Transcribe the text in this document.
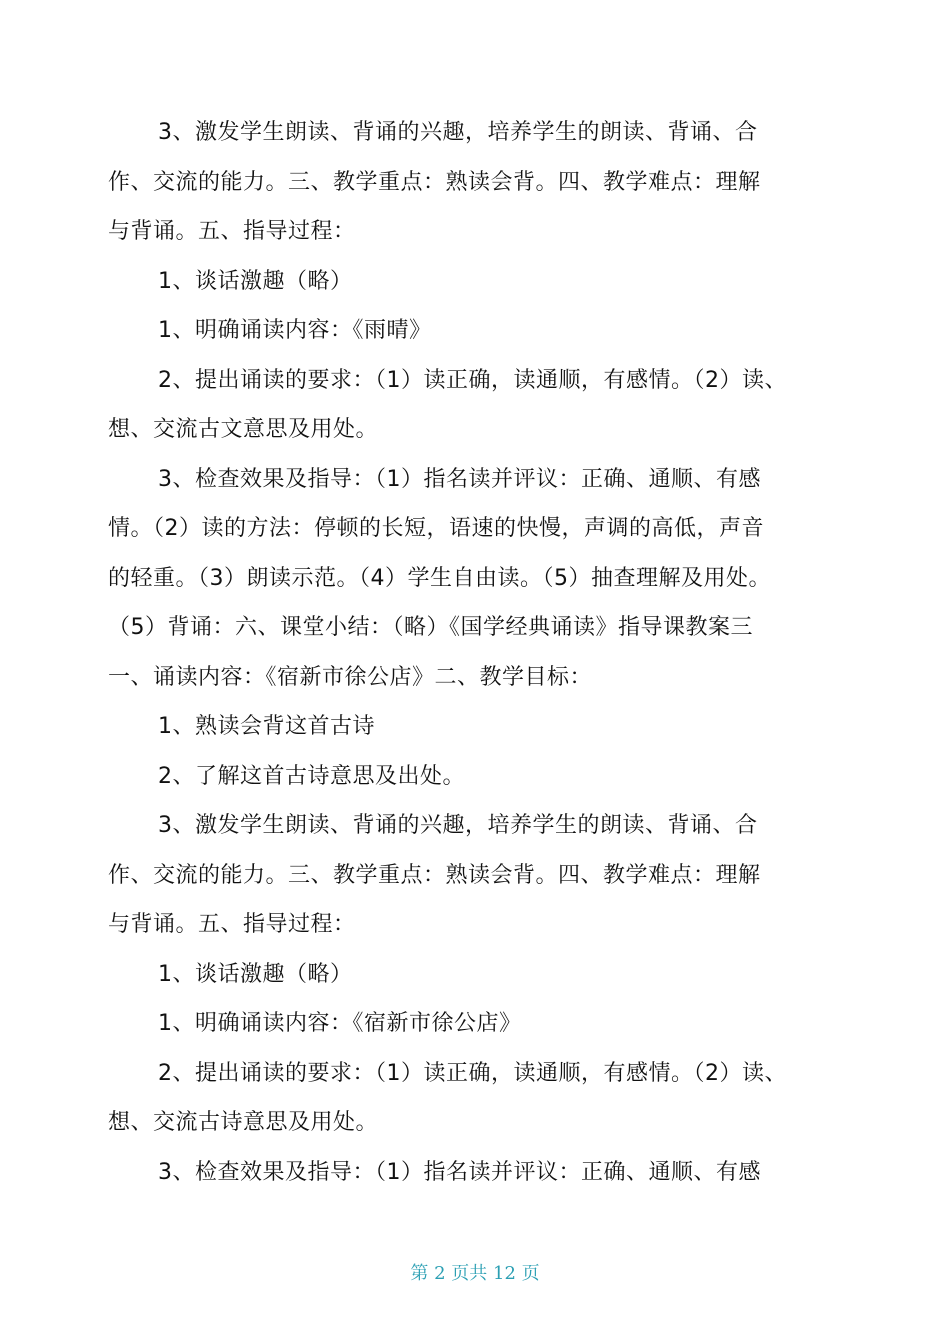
3、激发学生朗读、背诵的兴趣，培养学生的朗读、背诵、合
作、交流的能力。三、教学重点：熟读会背。四、教学难点：理解
与背诵。五、指导过程：
1、谈话激趣（略）
1、明确诵读内容：《雨晴》
2、提出诵读的要求：（1）读正确，读通顺，有感情。（2）读、
想、交流古文意思及用处。
3、检查效果及指导：（1）指名读并评议：正确、通顺、有感
情。（2）读的方法：停顿的长短，语速的快慢，声调的高低，声音
的轻重。（3）朗读示范。（4）学生自由读。（5）抽查理解及用处。
（5）背诵：六、课堂小结：（略）《国学经典诵读》指导课教案三
一、诵读内容：《宿新市徐公店》二、教学目标：
1、熟读会背这首古诗
2、了解这首古诗意思及出处。
3、激发学生朗读、背诵的兴趣，培养学生的朗读、背诵、合
作、交流的能力。三、教学重点：熟读会背。四、教学难点：理解
与背诵。五、指导过程：
1、谈话激趣（略）
1、明确诵读内容：《宿新市徐公店》
2、提出诵读的要求：（1）读正确，读通顺，有感情。（2）读、
想、交流古诗意思及用处。
3、检查效果及指导：（1）指名读并评议：正确、通顺、有感
第 2 页共 12 页
